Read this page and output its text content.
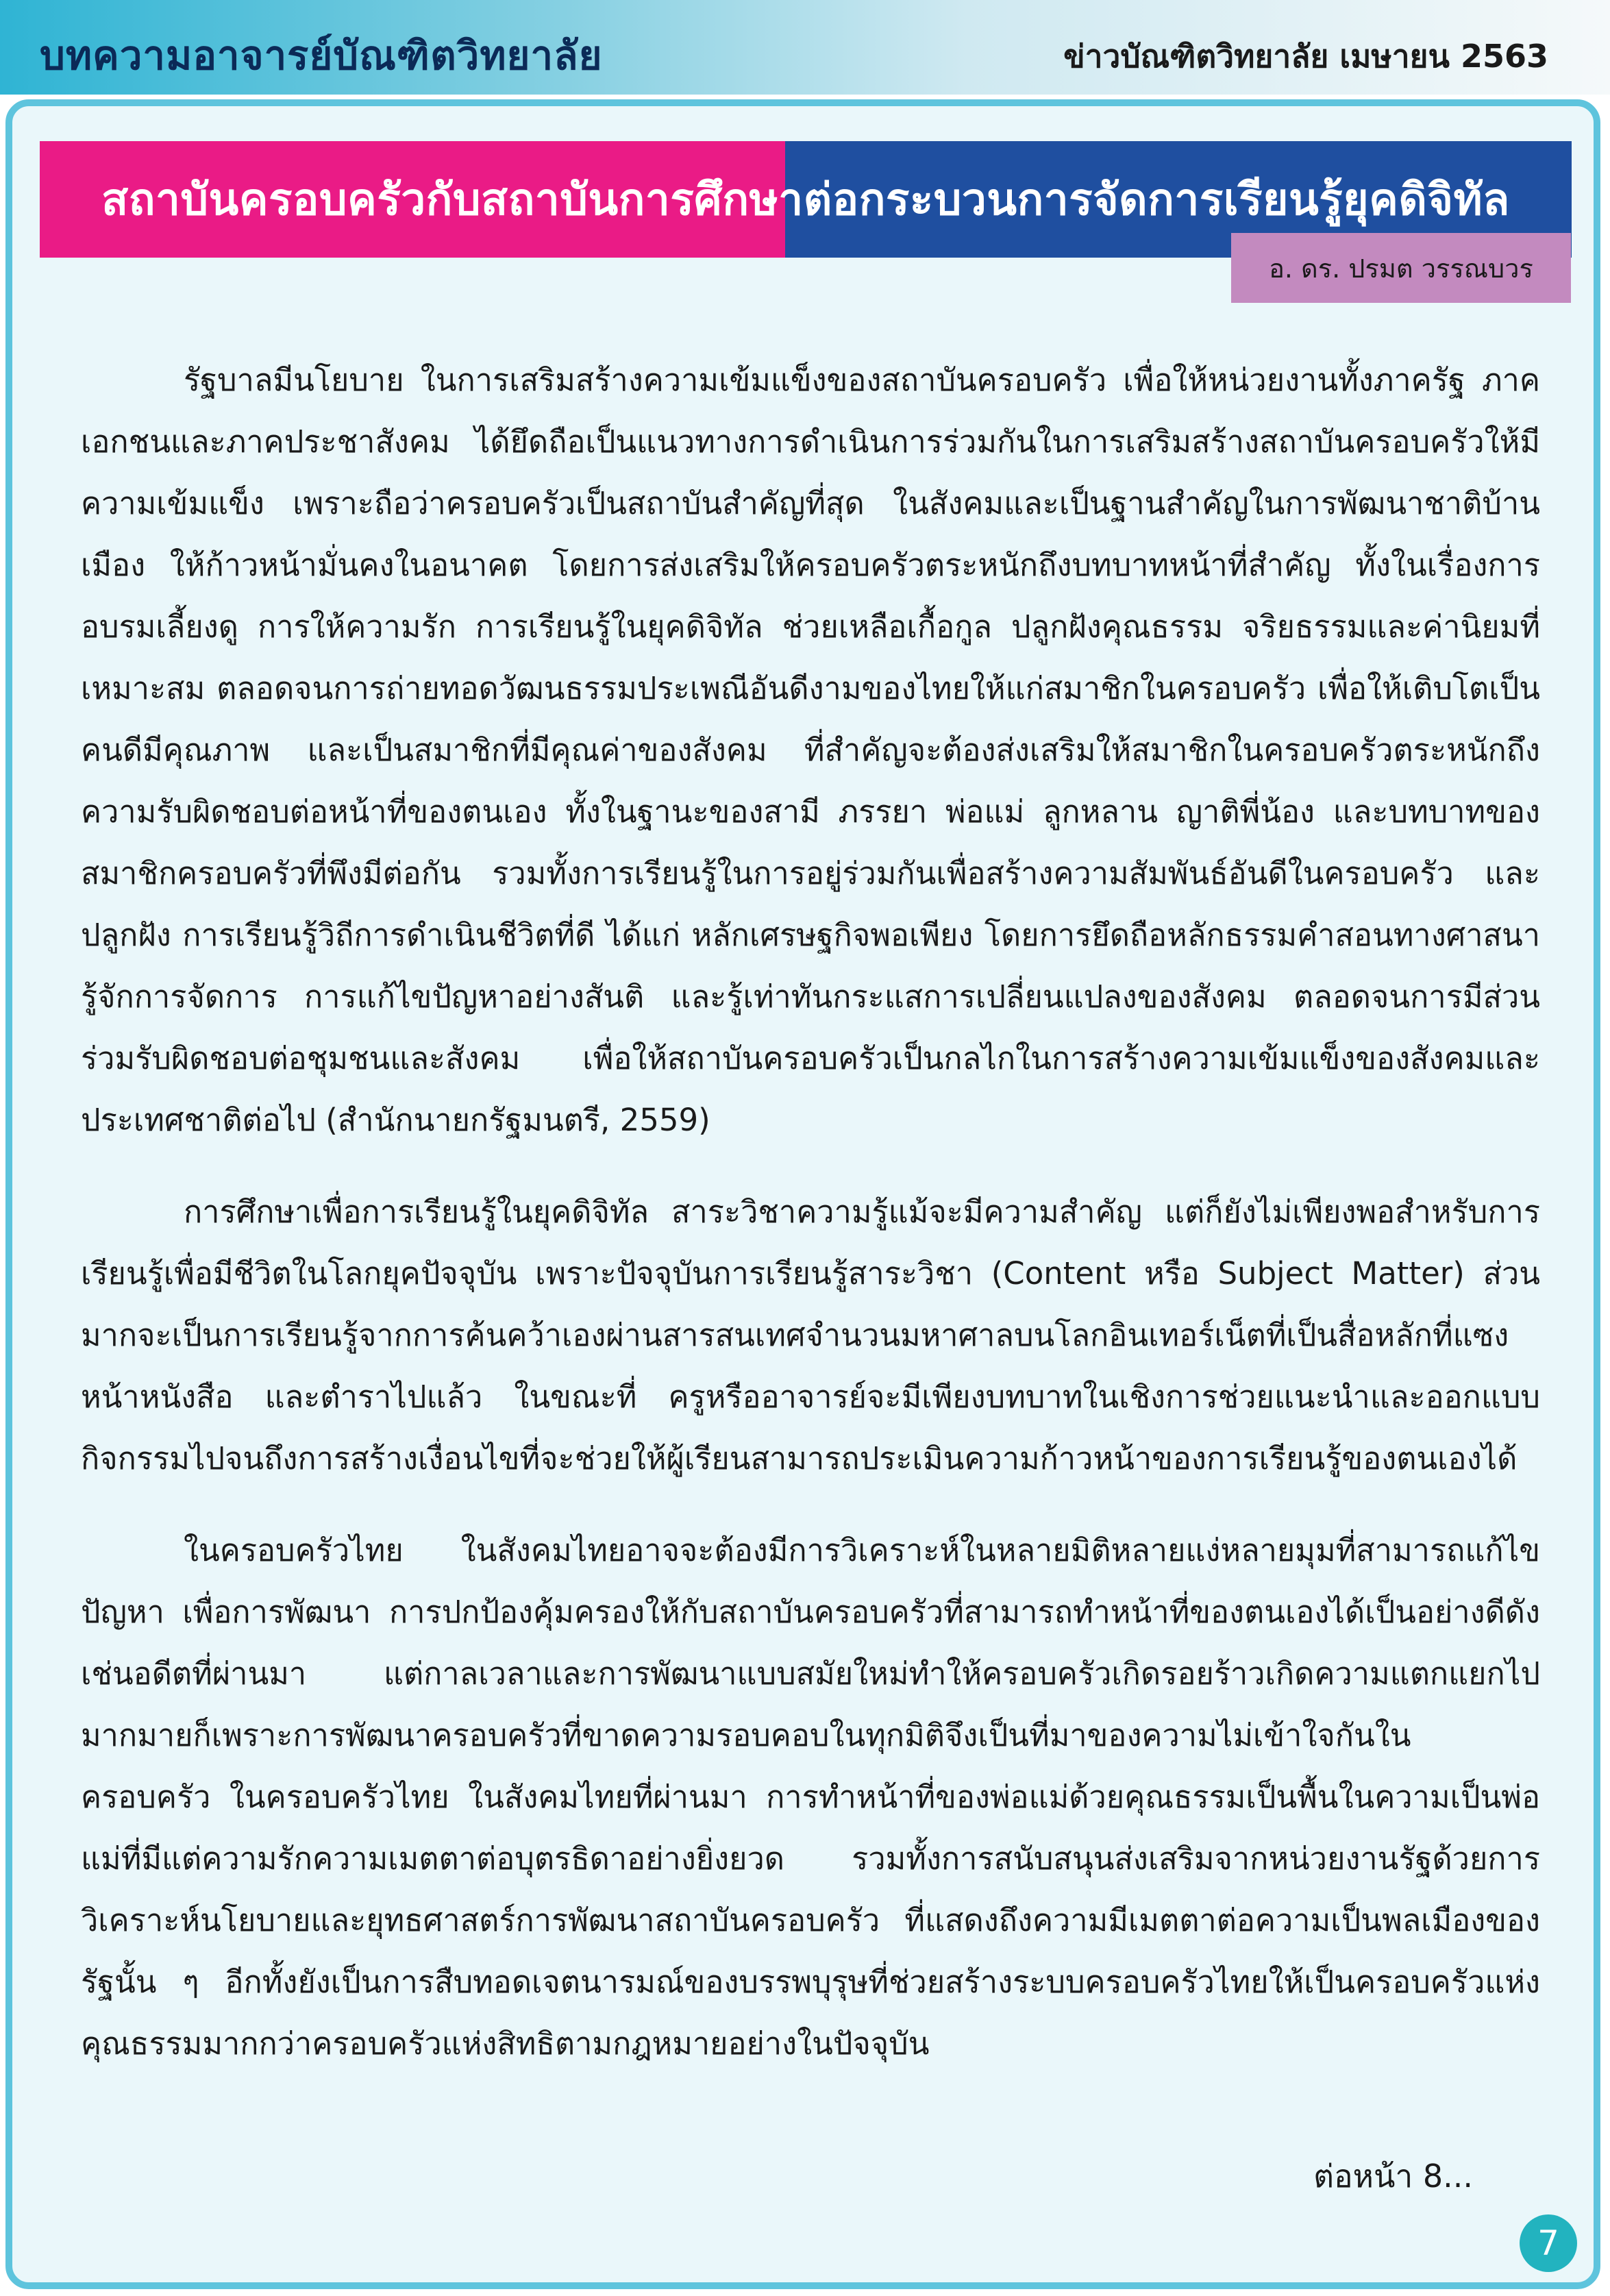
บทความอาจารย์บัณฑิตวิทยาลัย	ข่าวบัณฑิตวิทยาลัย เมษายน 2563
สถาบันครอบครัวกับสถาบันการศึกษาต่อกระบวนการจัดการเรียนรู้ยุคดิจิทัล
อ. ดร. ปรมต วรรณบวร

รัฐบาลมีนโยบาย ในการเสริมสร้างความเข้มแข็งของสถาบันครอบครัว เพื่อให้หน่วยงานทั้งภาครัฐ ภาคเอกชนและภาคประชาสังคม ได้ยึดถือเป็นแนวทางการดำเนินการร่วมกันในการเสริมสร้างสถาบันครอบครัวให้มีความเข้มแข็ง เพราะถือว่าครอบครัวเป็นสถาบันสำคัญที่สุด ในสังคมและเป็นฐานสำคัญในการพัฒนาชาติบ้านเมือง ให้ก้าวหน้ามั่นคงในอนาคต โดยการส่งเสริมให้ครอบครัวตระหนักถึงบทบาทหน้าที่สำคัญ ทั้งในเรื่องการอบรมเลี้ยงดู การให้ความรัก การเรียนรู้ในยุคดิจิทัล ช่วยเหลือเกื้อกูล ปลูกฝังคุณธรรม จริยธรรมและค่านิยมที่เหมาะสม ตลอดจนการถ่ายทอดวัฒนธรรมประเพณีอันดีงามของไทยให้แก่สมาชิกในครอบครัว เพื่อให้เติบโตเป็นคนดีมีคุณภาพ และเป็นสมาชิกที่มีคุณค่าของสังคม ที่สำคัญจะต้องส่งเสริมให้สมาชิกในครอบครัวตระหนักถึงความรับผิดชอบต่อหน้าที่ของตนเอง ทั้งในฐานะของสามี ภรรยา พ่อแม่ ลูกหลาน ญาติพี่น้อง และบทบาทของสมาชิกครอบครัวที่พึงมีต่อกัน รวมทั้งการเรียนรู้ในการอยู่ร่วมกันเพื่อสร้างความสัมพันธ์อันดีในครอบครัว และปลูกฝัง การเรียนรู้วิถีการดำเนินชีวิตที่ดี ได้แก่ หลักเศรษฐกิจพอเพียง โดยการยึดถือหลักธรรมคำสอนทางศาสนา รู้จักการจัดการ การแก้ไขปัญหาอย่างสันติ และรู้เท่าทันกระแสการเปลี่ยนแปลงของสังคม ตลอดจนการมีส่วนร่วมรับผิดชอบต่อชุมชนและสังคม เพื่อให้สถาบันครอบครัวเป็นกลไกในการสร้างความเข้มแข็งของสังคมและประเทศชาติต่อไป (สำนักนายกรัฐมนตรี, 2559)

การศึกษาเพื่อการเรียนรู้ในยุคดิจิทัล สาระวิชาความรู้แม้จะมีความสำคัญ แต่ก็ยังไม่เพียงพอสำหรับการเรียนรู้เพื่อมีชีวิตในโลกยุคปัจจุบัน เพราะปัจจุบันการเรียนรู้สาระวิชา (Content หรือ Subject Matter) ส่วนมากจะเป็นการเรียนรู้จากการค้นคว้าเองผ่านสารสนเทศจำนวนมหาศาลบนโลกอินเทอร์เน็ตที่เป็นสื่อหลักที่แซงหน้าหนังสือ และตำราไปแล้ว ในขณะที่ ครูหรืออาจารย์จะมีเพียงบทบาทในเชิงการช่วยแนะนำและออกแบบกิจกรรมไปจนถึงการสร้างเงื่อนไขที่จะช่วยให้ผู้เรียนสามารถประเมินความก้าวหน้าของการเรียนรู้ของตนเองได้

ในครอบครัวไทย ในสังคมไทยอาจจะต้องมีการวิเคราะห์ในหลายมิติหลายแง่หลายมุมที่สามารถแก้ไขปัญหา เพื่อการพัฒนา การปกป้องคุ้มครองให้กับสถาบันครอบครัวที่สามารถทำหน้าที่ของตนเองได้เป็นอย่างดีดังเช่นอดีตที่ผ่านมา แต่กาลเวลาและการพัฒนาแบบสมัยใหม่ทำให้ครอบครัวเกิดรอยร้าวเกิดความแตกแยกไปมากมายก็เพราะการพัฒนาครอบครัวที่ขาดความรอบคอบในทุกมิติจึงเป็นที่มาของความไม่เข้าใจกันในครอบครัว ในครอบครัวไทย ในสังคมไทยที่ผ่านมา การทำหน้าที่ของพ่อแม่ด้วยคุณธรรมเป็นพื้นในความเป็นพ่อแม่ที่มีแต่ความรักความเมตตาต่อบุตรธิดาอย่างยิ่งยวด รวมทั้งการสนับสนุนส่งเสริมจากหน่วยงานรัฐด้วยการวิเคราะห์นโยบายและยุทธศาสตร์การพัฒนาสถาบันครอบครัว ที่แสดงถึงความมีเมตตาต่อความเป็นพลเมืองของรัฐนั้น ๆ อีกทั้งยังเป็นการสืบทอดเจตนารมณ์ของบรรพบุรุษที่ช่วยสร้างระบบครอบครัวไทยให้เป็นครอบครัวแห่งคุณธรรมมากกว่าครอบครัวแห่งสิทธิตามกฎหมายอย่างในปัจจุบัน

ต่อหน้า 8...
7
